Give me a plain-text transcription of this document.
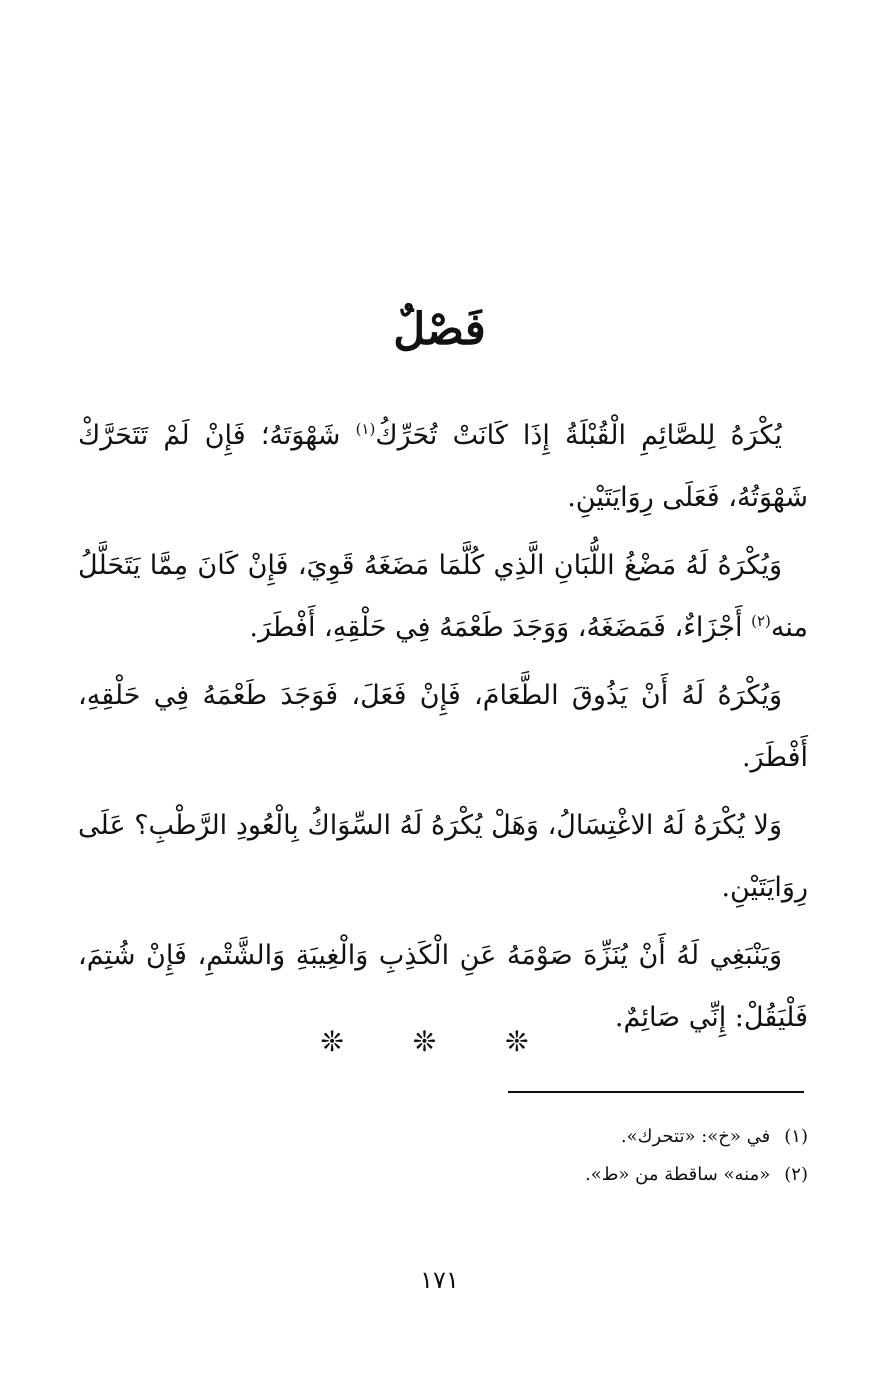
فَصْلٌ

يُكْرَهُ لِلصَّائِمِ الْقُبْلَةُ إِذَا كَانَتْ تُحَرِّكُ$^{(١)}$ شَهْوَتَهُ؛ فَإِنْ لَمْ تَتَحَرَّكْ شَهْوَتُهُ، فَعَلَى رِوَايَتَيْنِ.

وَيُكْرَهُ لَهُ مَضْغُ اللُّبَانِ الَّذِي كُلَّمَا مَضَغَهُ قَوِيَ، فَإِنْ كَانَ مِمَّا يَتَحَلَّلُ منه$^{(٢)}$ أَجْزَاءٌ، فَمَضَغَهُ، وَوَجَدَ طَعْمَهُ فِي حَلْقِهِ، أَفْطَرَ.

وَيُكْرَهُ لَهُ أَنْ يَذُوقَ الطَّعَامَ، فَإِنْ فَعَلَ، فَوَجَدَ طَعْمَهُ فِي حَلْقِهِ، أَفْطَرَ.

وَلا يُكْرَهُ لَهُ الاغْتِسَالُ، وَهَلْ يُكْرَهُ لَهُ السِّوَاكُ بِالْعُودِ الرَّطْبِ؟ عَلَى رِوَايَتَيْنِ.

وَيَنْبَغِي لَهُ أَنْ يُنَزِّهَ صَوْمَهُ عَنِ الْكَذِبِ وَالْغِيبَةِ وَالشَّتْمِ، فَإِنْ شُتِمَ، فَلْيَقُلْ: إِنِّي صَائِمٌ.

❊ ❊ ❊

(١)في «خ»: «تتحرك».

(٢)«منه» ساقطة من «ط».

١٧١
